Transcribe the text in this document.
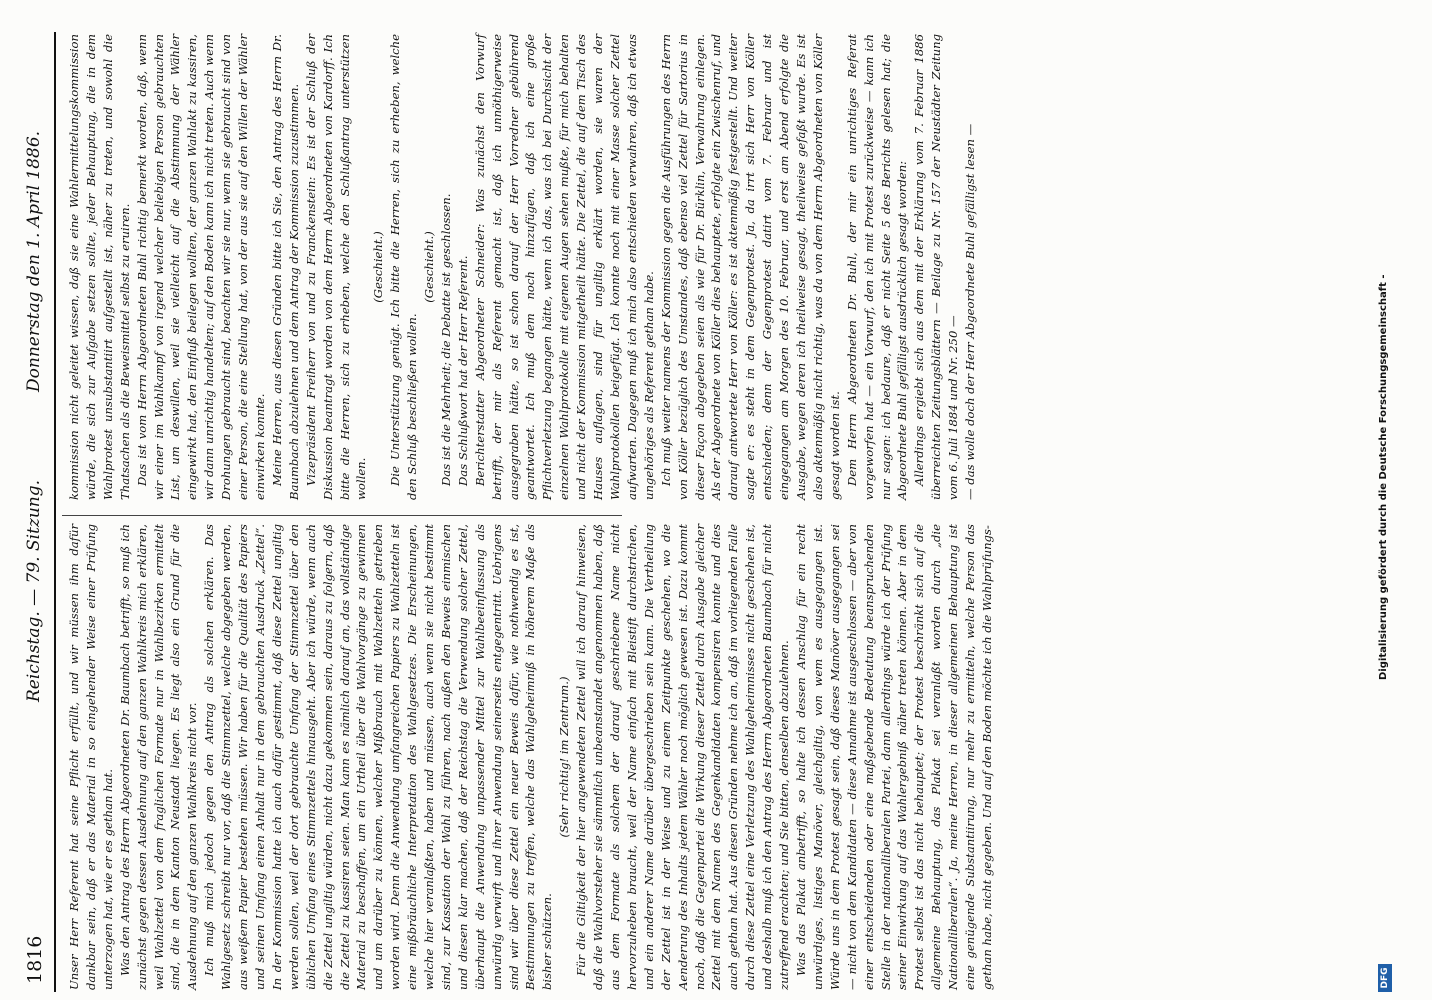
1816
Reichstag. — 79. Sitzung.
Donnerstag den 1. April 1886.

Unser Herr Referent hat seine Pflicht erfüllt, und wir müssen ihm dafür dankbar sein, daß er das Material in so eingehender Weise einer Prüfung unterzogen hat, wie er es gethan hat. Was den Antrag des Herrn Abgeordneten Dr. Baumbach betrifft, so muß ich zunächst gegen dessen Ausdehnung auf den ganzen Wahlkreis mich erklären, weil Wahlzettel von dem fraglichen Formate nur in Wahlbezirken ermittelt sind, die in dem Kanton Neustadt liegen. Es liegt also ein Grund für die Ausdehnung auf den ganzen Wahlkreis nicht vor. Ich muß mich jedoch gegen den Antrag als solchen erklären. Das Wahlgesetz schreibt nur vor, daß die Stimmzettel, welche abgegeben werden, aus weißem Papier bestehen müssen. Wir haben für die Qualität des Papiers und seinen Umfang einen Anhalt nur in dem gebrauchten Ausdruck „Zettel“. In der Kommission hatte ich auch dafür gestimmt, daß diese Zettel ungiltig werden sollen, weil der dort gebrauchte Umfang der Stimmzettel über den üblichen Umfang eines Stimmzettels hinausgeht. Aber ich würde, wenn auch die Zettel ungiltig würden, nicht dazu gekommen sein, daraus zu folgern, daß die Zettel zu kassiren seien. Man kann es nämlich darauf an, das vollständige Material zu beschaffen, um ein Urtheil über die Wahlvorgänge zu gewinnen und um darüber zu können, welcher Mißbrauch mit Wahlzetteln getrieben worden wird. Denn die Anwendung umfangreichen Papiers zu Wahlzetteln ist eine mißbräuchliche Interpretation des Wahlgesetzes. Die Erscheinungen, welche hier veranlaßten, haben und müssen, auch wenn sie nicht bestimmt sind, zur Kassation der Wahl zu führen, nach außen den Beweis einmischen und diesen klar machen, daß der Reichstag die Verwendung solcher Zettel, überhaupt die Anwendung unpassender Mittel zur Wahlbeeinflussung als unwürdig verwirft und ihrer Anwendung seinerseits entgegentritt. Uebrigens sind wir über diese Zettel ein neuer Beweis dafür, wie nothwendig es ist, Bestimmungen zu treffen, welche das Wahlgeheimniß in höherem Maße als bisher schützen.

(Sehr richtig! im Zentrum.) Für die Giltigkeit der hier angewendeten Zettel will ich darauf hinweisen, daß die Wahlvorsteher sie sämmtlich unbeanstandet angenommen haben, daß aus dem Formate als solchem der darauf geschriebene Name nicht hervorzuheben braucht, weil der Name einfach mit Bleistift durchstrichen, und ein anderer Name darüber übergeschrieben sein kann. Die Vertheilung der Zettel ist in der Weise und zu einem Zeitpunkte geschehen, wo die Aenderung des Inhalts jedem Wähler noch möglich gewesen ist. Dazu kommt noch, daß die Gegenpartei die Wirkung dieser Zettel durch Ausgabe gleicher Zettel mit dem Namen des Gegenkandidaten kompensiren konnte und dies auch gethan hat. Aus diesen Gründen nehme ich an, daß im vorliegenden Falle durch diese Zettel eine Verletzung des Wahlgeheimnisses nicht geschehen ist, und deshalb muß ich den Antrag des Herrn Abgeordneten Baumbach für nicht zutreffend erachten; und Sie bitten, denselben abzulehnen. Was das Plakat anbetrifft, so halte ich dessen Anschlag für ein recht unwürdiges, listiges Manöver, gleichgiltig, von wem es ausgegangen ist. Würde uns in dem Protest gesagt sein, daß dieses Manöver ausgegangen sei — nicht von dem Kandidaten — diese Annahme ist ausgeschlossen — aber von einer entscheidenden oder eine maßgebende Bedeutung beanspruchenden Stelle in der nationalliberalen Partei, dann allerdings würde ich der Prüfung seiner Einwirkung auf das Wahlergebniß näher treten können. Aber in dem Protest selbst ist das nicht behauptet; der Protest beschränkt sich auf die allgemeine Behauptung, das Plakat sei veranlaßt worden durch „die Nationalliberalen“. Ja, meine Herren, in dieser allgemeinen Behauptung ist eine genügende Substantiirung, nur mehr zu ermitteln, welche Person das gethan habe, nicht gegeben. Und auf den Boden möchte ich die Wahlprüfungs-

kommission nicht geleitet wissen, daß sie eine Wahlermittelungskommission würde, die sich zur Aufgabe setzen sollte, jeder Behauptung, die in dem Wahlprotest unsubstantiirt aufgestellt ist, näher zu treten, und sowohl die Thatsachen als die Beweismittel selbst zu eruiren. Das ist vom Herrn Abgeordneten Buhl richtig bemerkt worden, daß, wenn wir einer im Wahlkampf von irgend welcher beliebigen Person gebrauchten List, um deswillen, weil sie vielleicht auf die Abstimmung der Wähler eingewirkt hat, den Einfluß beilegen wollten, der ganzen Wahlakt zu kassiren, wir dann unrichtig handelten; auf den Boden kann ich nicht treten. Auch wenn Drohungen gebraucht sind, beachten wir sie nur, wenn sie gebraucht sind von einer Person, die eine Stellung hat, von der aus sie auf den Willen der Wähler einwirken konnte. Meine Herren, aus diesen Gründen bitte ich Sie, den Antrag des Herrn Dr. Baumbach abzulehnen und dem Antrag der Kommission zuzustimmen. Vizepräsident Freiherr von und zu Franckenstein: Es ist der Schluß der Diskussion beantragt worden von dem Herrn Abgeordneten von Kardorff. Ich bitte die Herren, sich zu erheben, welche den Schlußantrag unterstützen wollen.

(Geschieht.) Die Unterstützung genügt. Ich bitte die Herren, sich zu erheben, welche den Schluß beschließen wollen.

(Geschieht.) Das ist die Mehrheit; die Debatte ist geschlossen. Das Schlußwort hat der Herr Referent. Berichterstatter Abgeordneter Schneider: Was zunächst den Vorwurf betrifft, der mir als Referent gemacht ist, daß ich unnöthigerweise ausgegraben hätte, so ist schon darauf der Herr Vorredner gebührend geantwortet. Ich muß dem noch hinzufügen, daß ich eine große Pflichtverletzung begangen hätte, wenn ich das, was ich bei Durchsicht der einzelnen Wahlprotokolle mit eigenen Augen sehen mußte, für mich behalten und nicht der Kommission mitgetheilt hätte. Die Zettel, die auf dem Tisch des Hauses auflagen, sind für ungiltig erklärt worden, sie waren der Wahlprotokollen beigefügt. Ich konnte noch mit einer Masse solcher Zettel aufwarten. Dagegen muß ich mich also entschieden verwahren, daß ich etwas ungehöriges als Referent gethan habe. Ich muß weiter namens der Kommission gegen die Ausführungen des Herrn von Köller bezüglich des Umstandes, daß ebenso viel Zettel für Sartorius in dieser Façon abgegeben seien als wie für Dr. Bürklin, Verwahrung einlegen. Als der Abgeordnete von Köller dies behauptete, erfolgte ein Zwischenruf, und darauf antwortete Herr von Köller: es ist aktenmäßig festgestellt. Und weiter sagte er: es steht in dem Gegenprotest. Ja, da irrt sich Herr von Köller entschieden; denn der Gegenprotest datirt vom 7. Februar und ist eingegangen am Morgen des 10. Februar, und erst am Abend erfolgte die Ausgabe, wegen deren ich theilweise gesagt, theilweise gefaßt wurde. Es ist also aktenmäßig nicht richtig, was da von dem Herrn Abgeordneten von Köller gesagt worden ist. Dem Herrn Abgeordneten Dr. Buhl, der mir ein unrichtiges Referat vorgeworfen hat — ein Vorwurf, den ich mit Protest zurückweise — kann ich nur sagen: ich bedaure, daß er nicht Seite 5 des Berichts gelesen hat; die Abgeordnete Buhl gefälligst ausdrücklich gesagt worden: Allerdings ergiebt sich aus dem mit der Erklärung vom 7. Februar 1886 überreichten Zeitungsblättern — Beilage zu Nr. 157 der Neustädter Zeitung vom 6. Juli 1884 und Nr. 250 — — das wolle doch der Herr Abgeordnete Buhl gefälligst lesen —

DFG
Digitalisierung gefördert durch die Deutsche Forschungsgemeinschaft -
